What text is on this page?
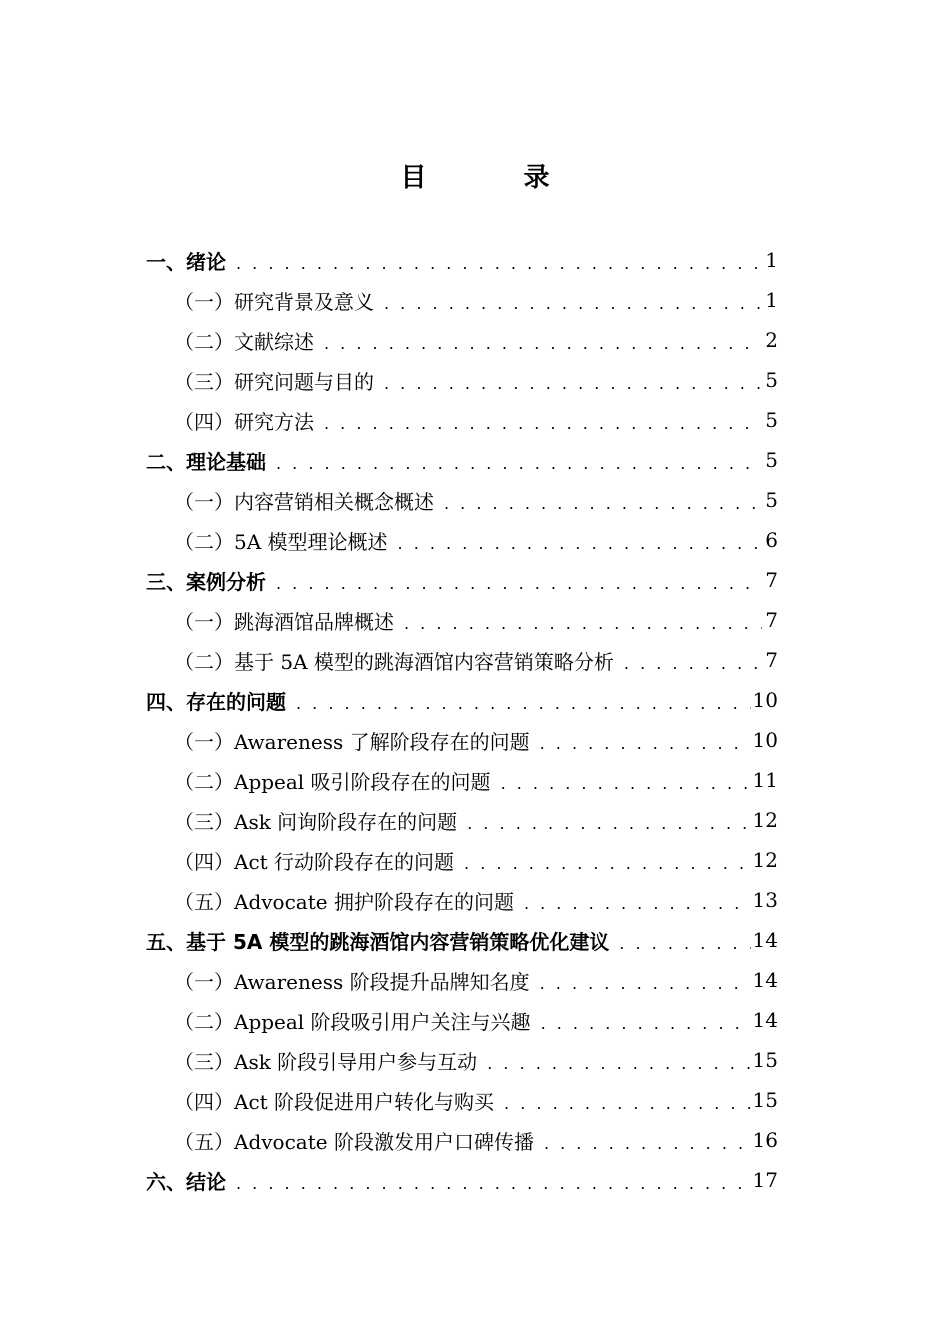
目 录
一、绪论 . . .	1
（一）研究背景及意义 . . .	1
（二）文献综述 . . .	2
（三）研究问题与目的 . . .	5
（四）研究方法 . . .	5
二、理论基础 . . .	5
（一）内容营销相关概念概述 . . .	5
（二）5A 模型理论概述 . . .	6
三、案例分析 . . .	7
（一）跳海酒馆品牌概述 . . .	7
（二）基于 5A 模型的跳海酒馆内容营销策略分析 . . .	7
四、存在的问题 . . .	10
（一）Awareness 了解阶段存在的问题 . . .	10
（二）Appeal 吸引阶段存在的问题 . . .	11
（三）Ask 问询阶段存在的问题 . . .	12
（四）Act 行动阶段存在的问题 . . .	12
（五）Advocate 拥护阶段存在的问题 . . .	13
五、基于 5A 模型的跳海酒馆内容营销策略优化建议 . . .	14
（一）Awareness 阶段提升品牌知名度 . . .	14
（二）Appeal 阶段吸引用户关注与兴趣 . . .	14
（三）Ask 阶段引导用户参与互动 . . .	15
（四）Act 阶段促进用户转化与购买 . . .	15
（五）Advocate 阶段激发用户口碑传播 . . .	16
六、结论 . . .	17
